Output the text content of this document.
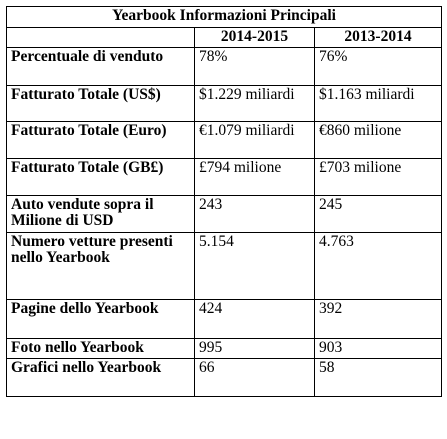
Yearbook Informazioni Principali		
	2014-2015	2013-2014
Percentuale di venduto	78%	76%
Fatturato Totale (US$)	$1.229 miliardi	$1.163 miliardi
Fatturato Totale (Euro)	€1.079 miliardi	€860 milione
Fatturato Totale (GB£)	£794 milione	£703 milione
Auto vendute sopra il Milione di USD	243	245
Numero vetture presenti nello Yearbook	5.154	4.763
Pagine dello Yearbook	424	392
Foto nello Yearbook	995	903
Grafici nello Yearbook	66	58
